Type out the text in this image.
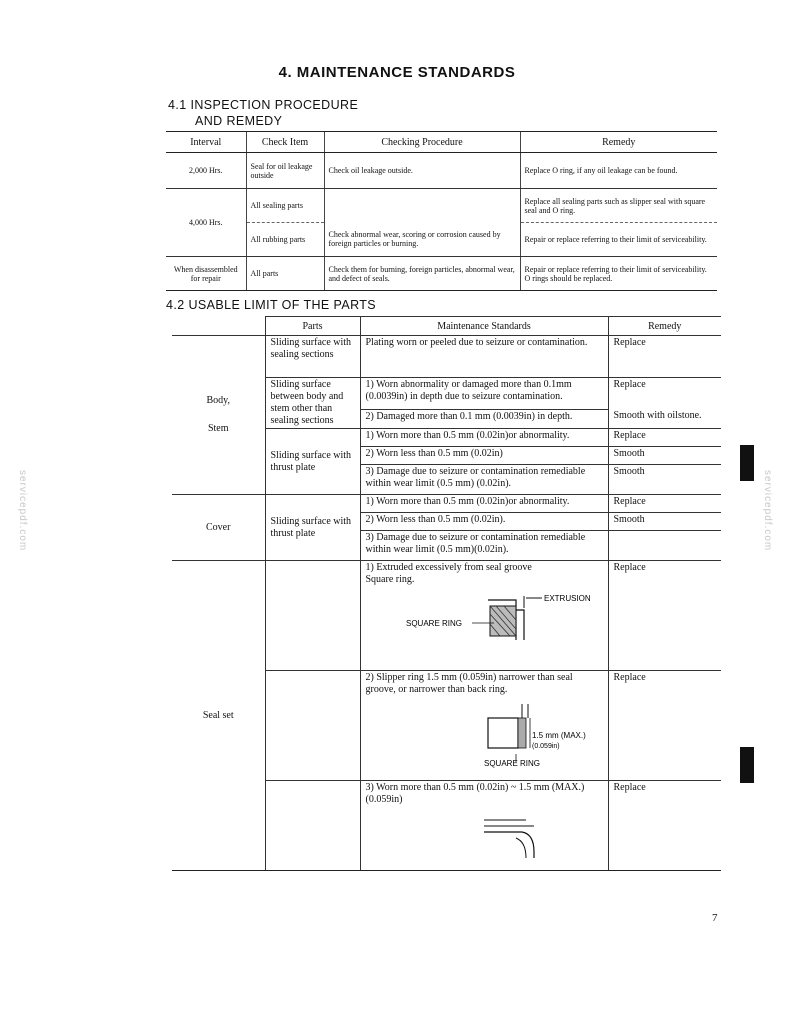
4. MAINTENANCE STANDARDS
4.1 INSPECTION PROCEDURE
AND REMEDY
Interval	Check Item	Checking Procedure	Remedy
2,000 Hrs.	Seal for oil leakage outside	Check oil leakage outside.	Replace O ring, if any oil leakage can be found.
4,000 Hrs.	All sealing parts		Replace all sealing parts such as slipper seal with square seal and O ring.
	All rubbing parts	Check abnormal wear, scoring or corrosion caused by foreign particles or burning.	Repair or replace referring to their limit of serviceability.
When disassembled for repair	All parts	Check them for burning, foreign particles, abnormal wear, and defect of seals.	Repair or replace referring to their limit of serviceability. O rings should be replaced.
4.2 USABLE LIMIT OF THE PARTS
	Parts	Maintenance Standards	Remedy

Body,
Stem	Sliding surface with sealing sections	Plating worn or peeled due to seizure or contamination.	Replace
	Sliding surface between body and stem other than sealing sections	1) Worn abnormality or damaged more than 0.1mm (0.0039in) in depth due to seizure contamination.	Replace
		2) Damaged more than 0.1 mm (0.0039in) in depth.	Smooth with oilstone.
	Sliding surface with thrust plate	1) Worn more than 0.5 mm (0.02in)or abnormality.	Replace
		2) Worn less than 0.5 mm (0.02in)	Smooth
		3) Damage due to seizure or contamination remediable within wear limit (0.5 mm) (0.02in).	Smooth
Cover	Sliding surface with thrust plate	1) Worn more than 0.5 mm (0.02in)or abnormality.	Replace
		2) Worn less than 0.5 mm (0.02in).	Smooth
		3) Damage due to seizure or contamination remediable within wear limit (0.5 mm)(0.02in).	
Seal set		1) Extruded excessively from seal groove Square ring.
EXTRUSION
SQUARE RING	Replace

		2) Slipper ring 1.5 mm (0.059in) narrower than seal groove, or narrower than back ring.
1.5 mm (MAX.)
(0.059in)
SQUARE RING	Replace

		3) Worn more than 0.5 mm (0.02in) ~ 1.5 mm (MAX.) (0.059in)	Replace
servicepdf.com	servicepdf.com
7
